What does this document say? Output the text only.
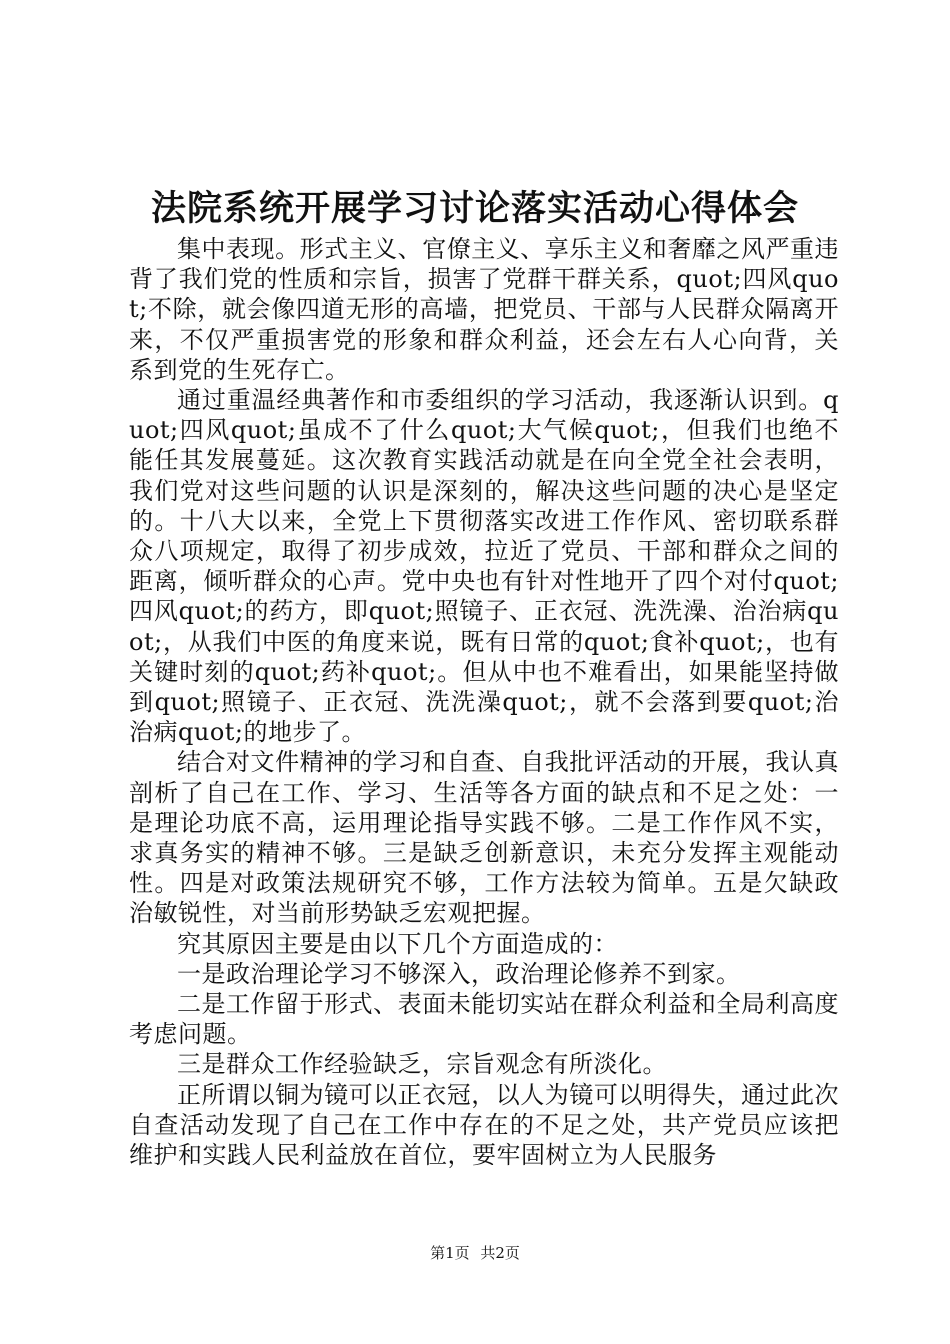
法院系统开展学习讨论落实活动心得体会

集中表现。形式主义、官僚主义、享乐主义和奢靡之风严重违背了我们党的性质和宗旨，损害了党群干群关系，quot;四风quot;不除，就会像四道无形的高墙，把党员、干部与人民群众隔离开来，不仅严重损害党的形象和群众利益，还会左右人心向背，关系到党的生死存亡。

通过重温经典著作和市委组织的学习活动，我逐渐认识到。quot;四风quot;虽成不了什么quot;大气候quot;，但我们也绝不能任其发展蔓延。这次教育实践活动就是在向全党全社会表明，我们党对这些问题的认识是深刻的，解决这些问题的决心是坚定的。十八大以来，全党上下贯彻落实改进工作作风、密切联系群众八项规定，取得了初步成效，拉近了党员、干部和群众之间的距离，倾听群众的心声。党中央也有针对性地开了四个对付quot;四风quot;的药方，即quot;照镜子、正衣冠、洗洗澡、治治病quot;，从我们中医的角度来说，既有日常的quot;食补quot;，也有关键时刻的quot;药补quot;。但从中也不难看出，如果能坚持做到quot;照镜子、正衣冠、洗洗澡quot;，就不会落到要quot;治治病quot;的地步了。

结合对文件精神的学习和自查、自我批评活动的开展，我认真剖析了自己在工作、学习、生活等各方面的缺点和不足之处：一是理论功底不高，运用理论指导实践不够。二是工作作风不实，求真务实的精神不够。三是缺乏创新意识，未充分发挥主观能动性。四是对政策法规研究不够，工作方法较为简单。五是欠缺政治敏锐性，对当前形势缺乏宏观把握。

究其原因主要是由以下几个方面造成的：

一是政治理论学习不够深入，政治理论修养不到家。

二是工作留于形式、表面未能切实站在群众利益和全局利高度考虑问题。

三是群众工作经验缺乏，宗旨观念有所淡化。

正所谓以铜为镜可以正衣冠，以人为镜可以明得失，通过此次自查活动发现了自己在工作中存在的不足之处，共产党员应该把维护和实践人民利益放在首位，要牢固树立为人民服务

第1页 共2页
